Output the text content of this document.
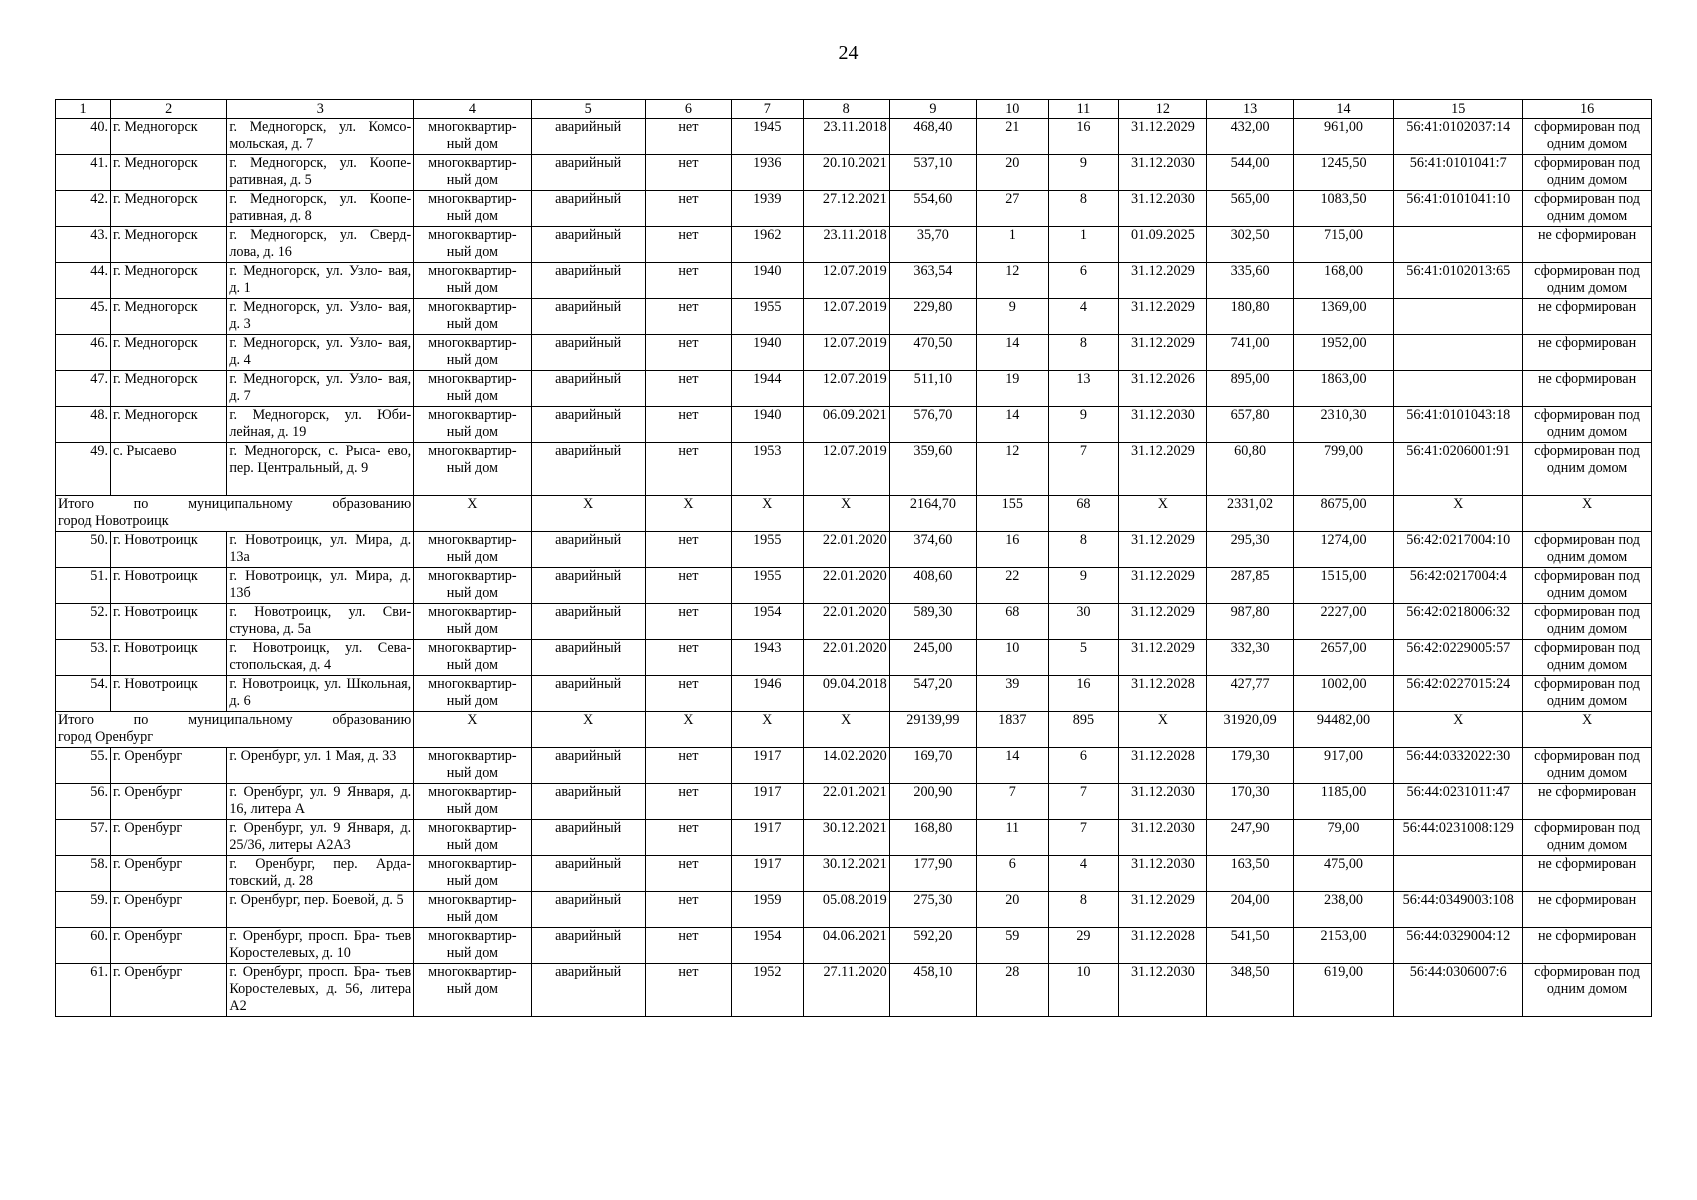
24
1	2	3	4	5	6	7	8	9	10	11	12	13	14	15	16
40.	г. Медногорск	г. Медногорск, ул. Комсо- мольская, д. 7	многоквартир- ный дом	аварийный	нет	1945	23.11.2018	468,40	21	16	31.12.2029	432,00	961,00	56:41:0102037:14	сформирован под одним домом
41.	г. Медногорск	г. Медногорск, ул. Коопе- ративная, д. 5	многоквартир- ный дом	аварийный	нет	1936	20.10.2021	537,10	20	9	31.12.2030	544,00	1245,50	56:41:0101041:7	сформирован под одним домом
42.	г. Медногорск	г. Медногорск, ул. Коопе- ративная, д. 8	многоквартир- ный дом	аварийный	нет	1939	27.12.2021	554,60	27	8	31.12.2030	565,00	1083,50	56:41:0101041:10	сформирован под одним домом
43.	г. Медногорск	г. Медногорск, ул. Сверд- лова, д. 16	многоквартир- ный дом	аварийный	нет	1962	23.11.2018	35,70	1	1	01.09.2025	302,50	715,00		не сформирован
44.	г. Медногорск	г. Медногорск, ул. Узло- вая, д. 1	многоквартир- ный дом	аварийный	нет	1940	12.07.2019	363,54	12	6	31.12.2029	335,60	168,00	56:41:0102013:65	сформирован под одним домом
45.	г. Медногорск	г. Медногорск, ул. Узло- вая, д. 3	многоквартир- ный дом	аварийный	нет	1955	12.07.2019	229,80	9	4	31.12.2029	180,80	1369,00		не сформирован
46.	г. Медногорск	г. Медногорск, ул. Узло- вая, д. 4	многоквартир- ный дом	аварийный	нет	1940	12.07.2019	470,50	14	8	31.12.2029	741,00	1952,00		не сформирован
47.	г. Медногорск	г. Медногорск, ул. Узло- вая, д. 7	многоквартир- ный дом	аварийный	нет	1944	12.07.2019	511,10	19	13	31.12.2026	895,00	1863,00		не сформирован
48.	г. Медногорск	г. Медногорск, ул. Юби- лейная, д. 19	многоквартир- ный дом	аварийный	нет	1940	06.09.2021	576,70	14	9	31.12.2030	657,80	2310,30	56:41:0101043:18	сформирован под одним домом
49.	с. Рысаево	г. Медногорск, с. Рыса- ево, пер. Центральный, д. 9	многоквартир- ный дом	аварийный	нет	1953	12.07.2019	359,60	12	7	31.12.2029	60,80	799,00	56:41:0206001:91	сформирован под одним домом

Итого по муниципальному образованию
город Новотроицк			X	X	X	X	X	2164,70	155	68	X	2331,02	8675,00	X	X
50.	г. Новотроицк	г. Новотроицк, ул. Мира, д. 13а	многоквартир- ный дом	аварийный	нет	1955	22.01.2020	374,60	16	8	31.12.2029	295,30	1274,00	56:42:0217004:10	сформирован под одним домом
51.	г. Новотроицк	г. Новотроицк, ул. Мира, д. 13б	многоквартир- ный дом	аварийный	нет	1955	22.01.2020	408,60	22	9	31.12.2029	287,85	1515,00	56:42:0217004:4	сформирован под одним домом
52.	г. Новотроицк	г. Новотроицк, ул. Сви- стунова, д. 5а	многоквартир- ный дом	аварийный	нет	1954	22.01.2020	589,30	68	30	31.12.2029	987,80	2227,00	56:42:0218006:32	сформирован под одним домом
53.	г. Новотроицк	г. Новотроицк, ул. Сева- стопольская, д. 4	многоквартир- ный дом	аварийный	нет	1943	22.01.2020	245,00	10	5	31.12.2029	332,30	2657,00	56:42:0229005:57	сформирован под одним домом
54.	г. Новотроицк	г. Новотроицк, ул. Школьная, д. 6	многоквартир- ный дом	аварийный	нет	1946	09.04.2018	547,20	39	16	31.12.2028	427,77	1002,00	56:42:0227015:24	сформирован под одним домом

Итого по муниципальному образованию
город Оренбург			X	X	X	X	X	29139,99	1837	895	X	31920,09	94482,00	X	X
55.	г. Оренбург	г. Оренбург, ул. 1 Мая, д. 33	многоквартир- ный дом	аварийный	нет	1917	14.02.2020	169,70	14	6	31.12.2028	179,30	917,00	56:44:0332022:30	сформирован под одним домом
56.	г. Оренбург	г. Оренбург, ул. 9 Января, д. 16, литера А	многоквартир- ный дом	аварийный	нет	1917	22.01.2021	200,90	7	7	31.12.2030	170,30	1185,00	56:44:0231011:47	не сформирован
57.	г. Оренбург	г. Оренбург, ул. 9 Января, д. 25/36, литеры А2А3	многоквартир- ный дом	аварийный	нет	1917	30.12.2021	168,80	11	7	31.12.2030	247,90	79,00	56:44:0231008:129	сформирован под одним домом
58.	г. Оренбург	г. Оренбург, пер. Арда- товский, д. 28	многоквартир- ный дом	аварийный	нет	1917	30.12.2021	177,90	6	4	31.12.2030	163,50	475,00		не сформирован
59.	г. Оренбург	г. Оренбург, пер. Боевой, д. 5	многоквартир- ный дом	аварийный	нет	1959	05.08.2019	275,30	20	8	31.12.2029	204,00	238,00	56:44:0349003:108	не сформирован
60.	г. Оренбург	г. Оренбург, просп. Бра- тьев Коростелевых, д. 10	многоквартир- ный дом	аварийный	нет	1954	04.06.2021	592,20	59	29	31.12.2028	541,50	2153,00	56:44:0329004:12	не сформирован
61.	г. Оренбург	г. Оренбург, просп. Бра- тьев Коростелевых, д. 56, литера А2	многоквартир- ный дом	аварийный	нет	1952	27.11.2020	458,10	28	10	31.12.2030	348,50	619,00	56:44:0306007:6	сформирован под одним домом
